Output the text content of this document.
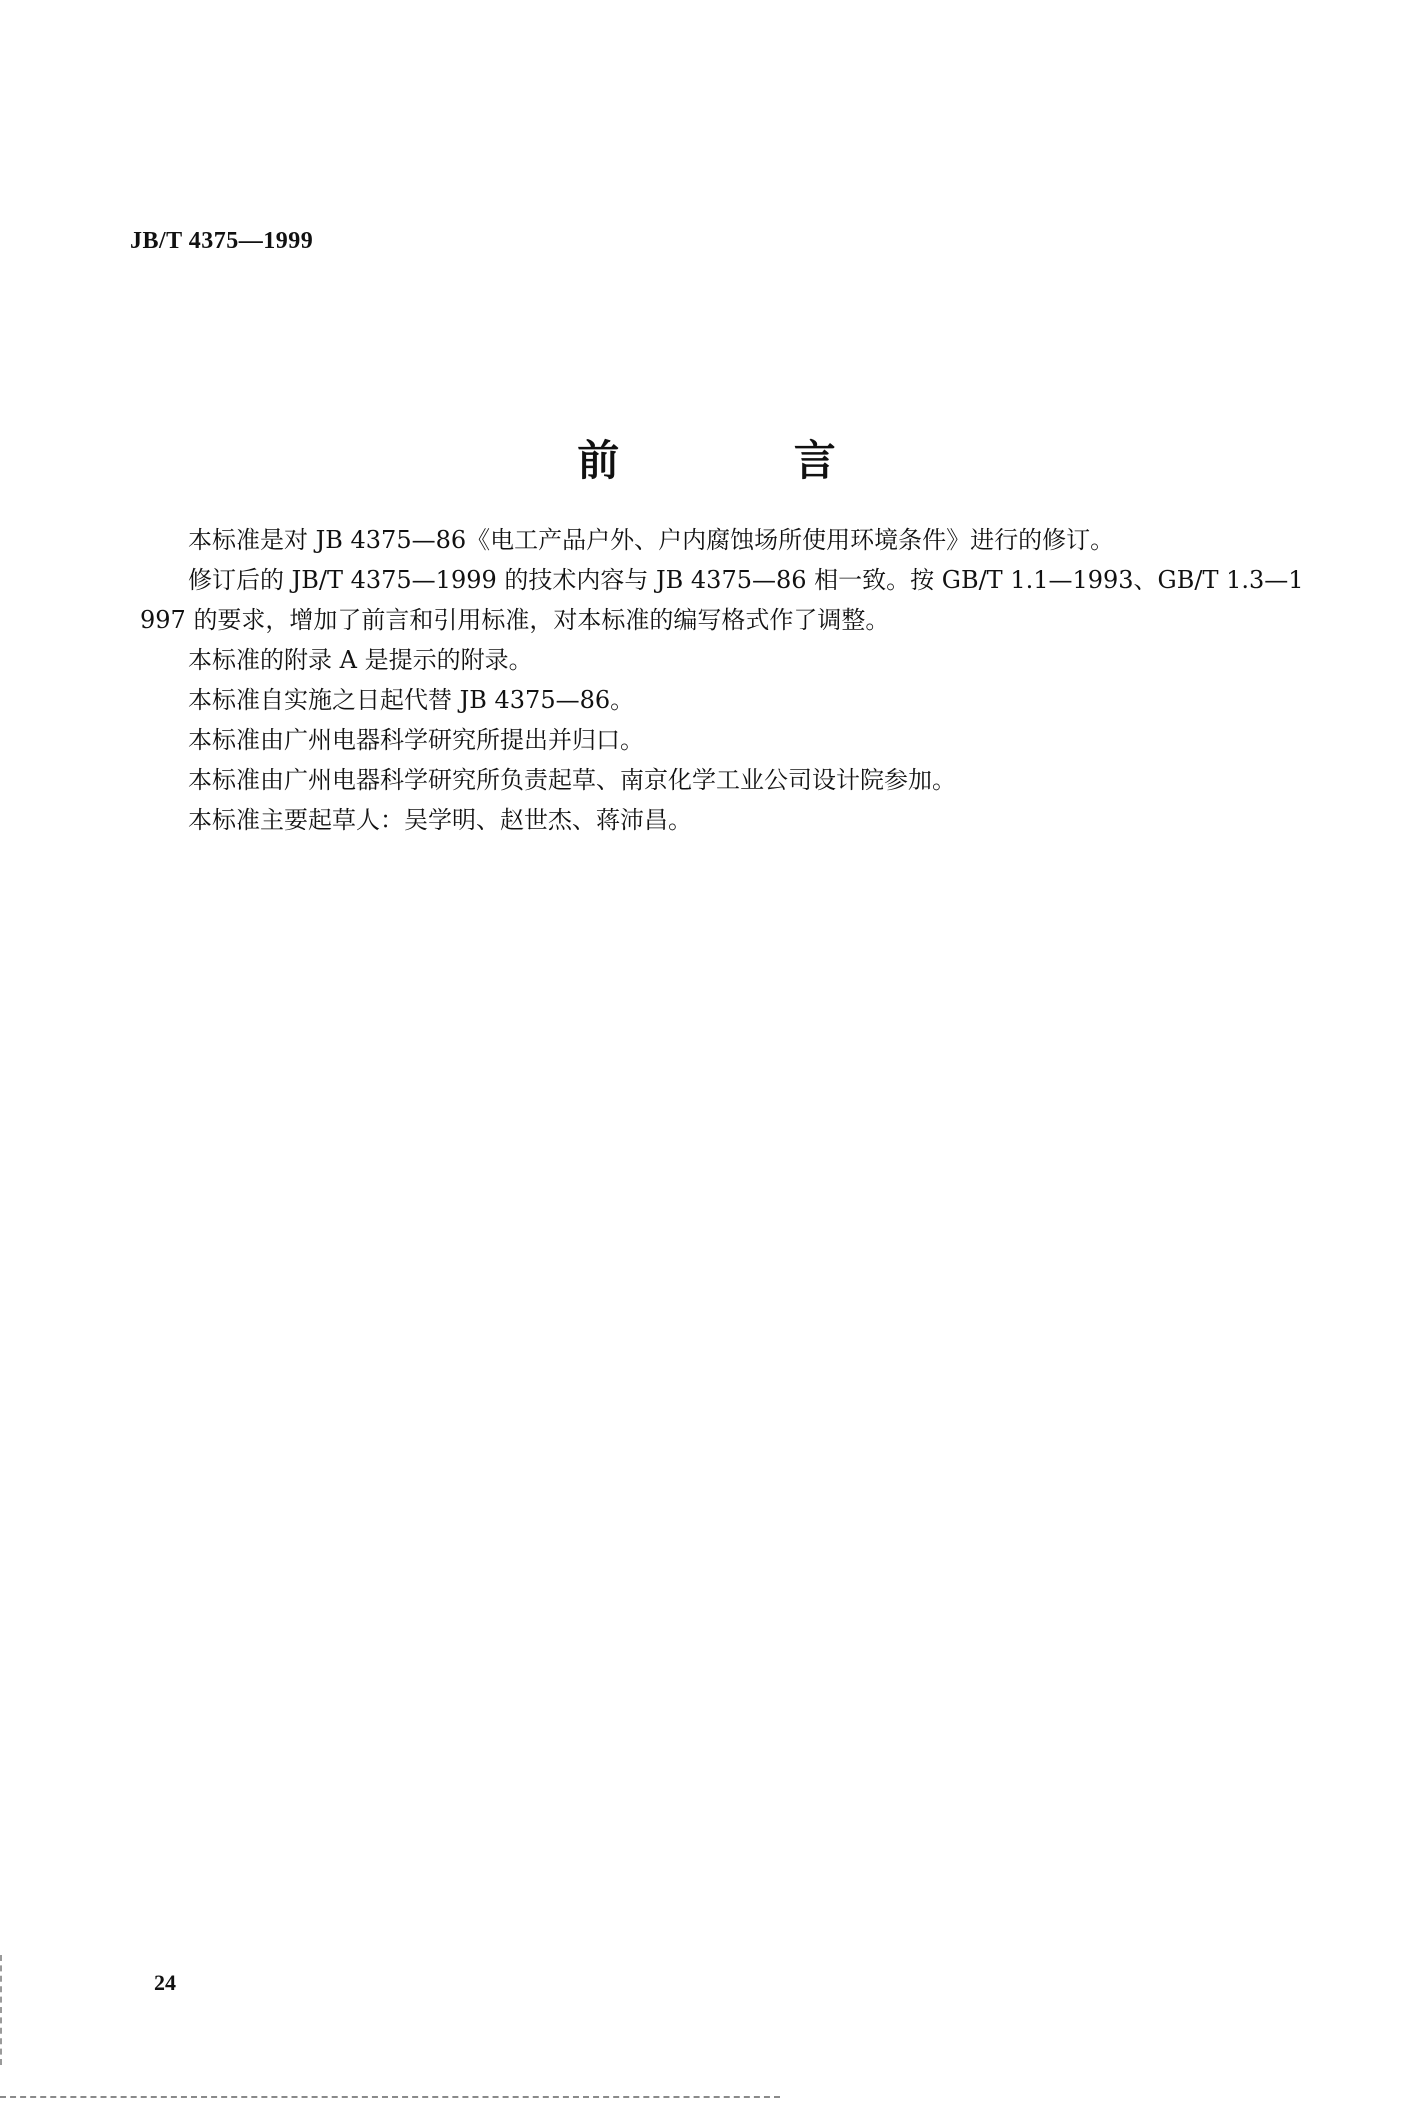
JB/T 4375—1999

前 言

本标准是对 JB 4375—86《电工产品户外、户内腐蚀场所使用环境条件》进行的修订。

修订后的 JB/T 4375—1999 的技术内容与 JB 4375—86 相一致。按 GB/T 1.1—1993、GB/T 1.3—1997 的要求，增加了前言和引用标准，对本标准的编写格式作了调整。

本标准的附录 A 是提示的附录。

本标准自实施之日起代替 JB 4375—86。

本标准由广州电器科学研究所提出并归口。

本标准由广州电器科学研究所负责起草、南京化学工业公司设计院参加。

本标准主要起草人：吴学明、赵世杰、蒋沛昌。

24
